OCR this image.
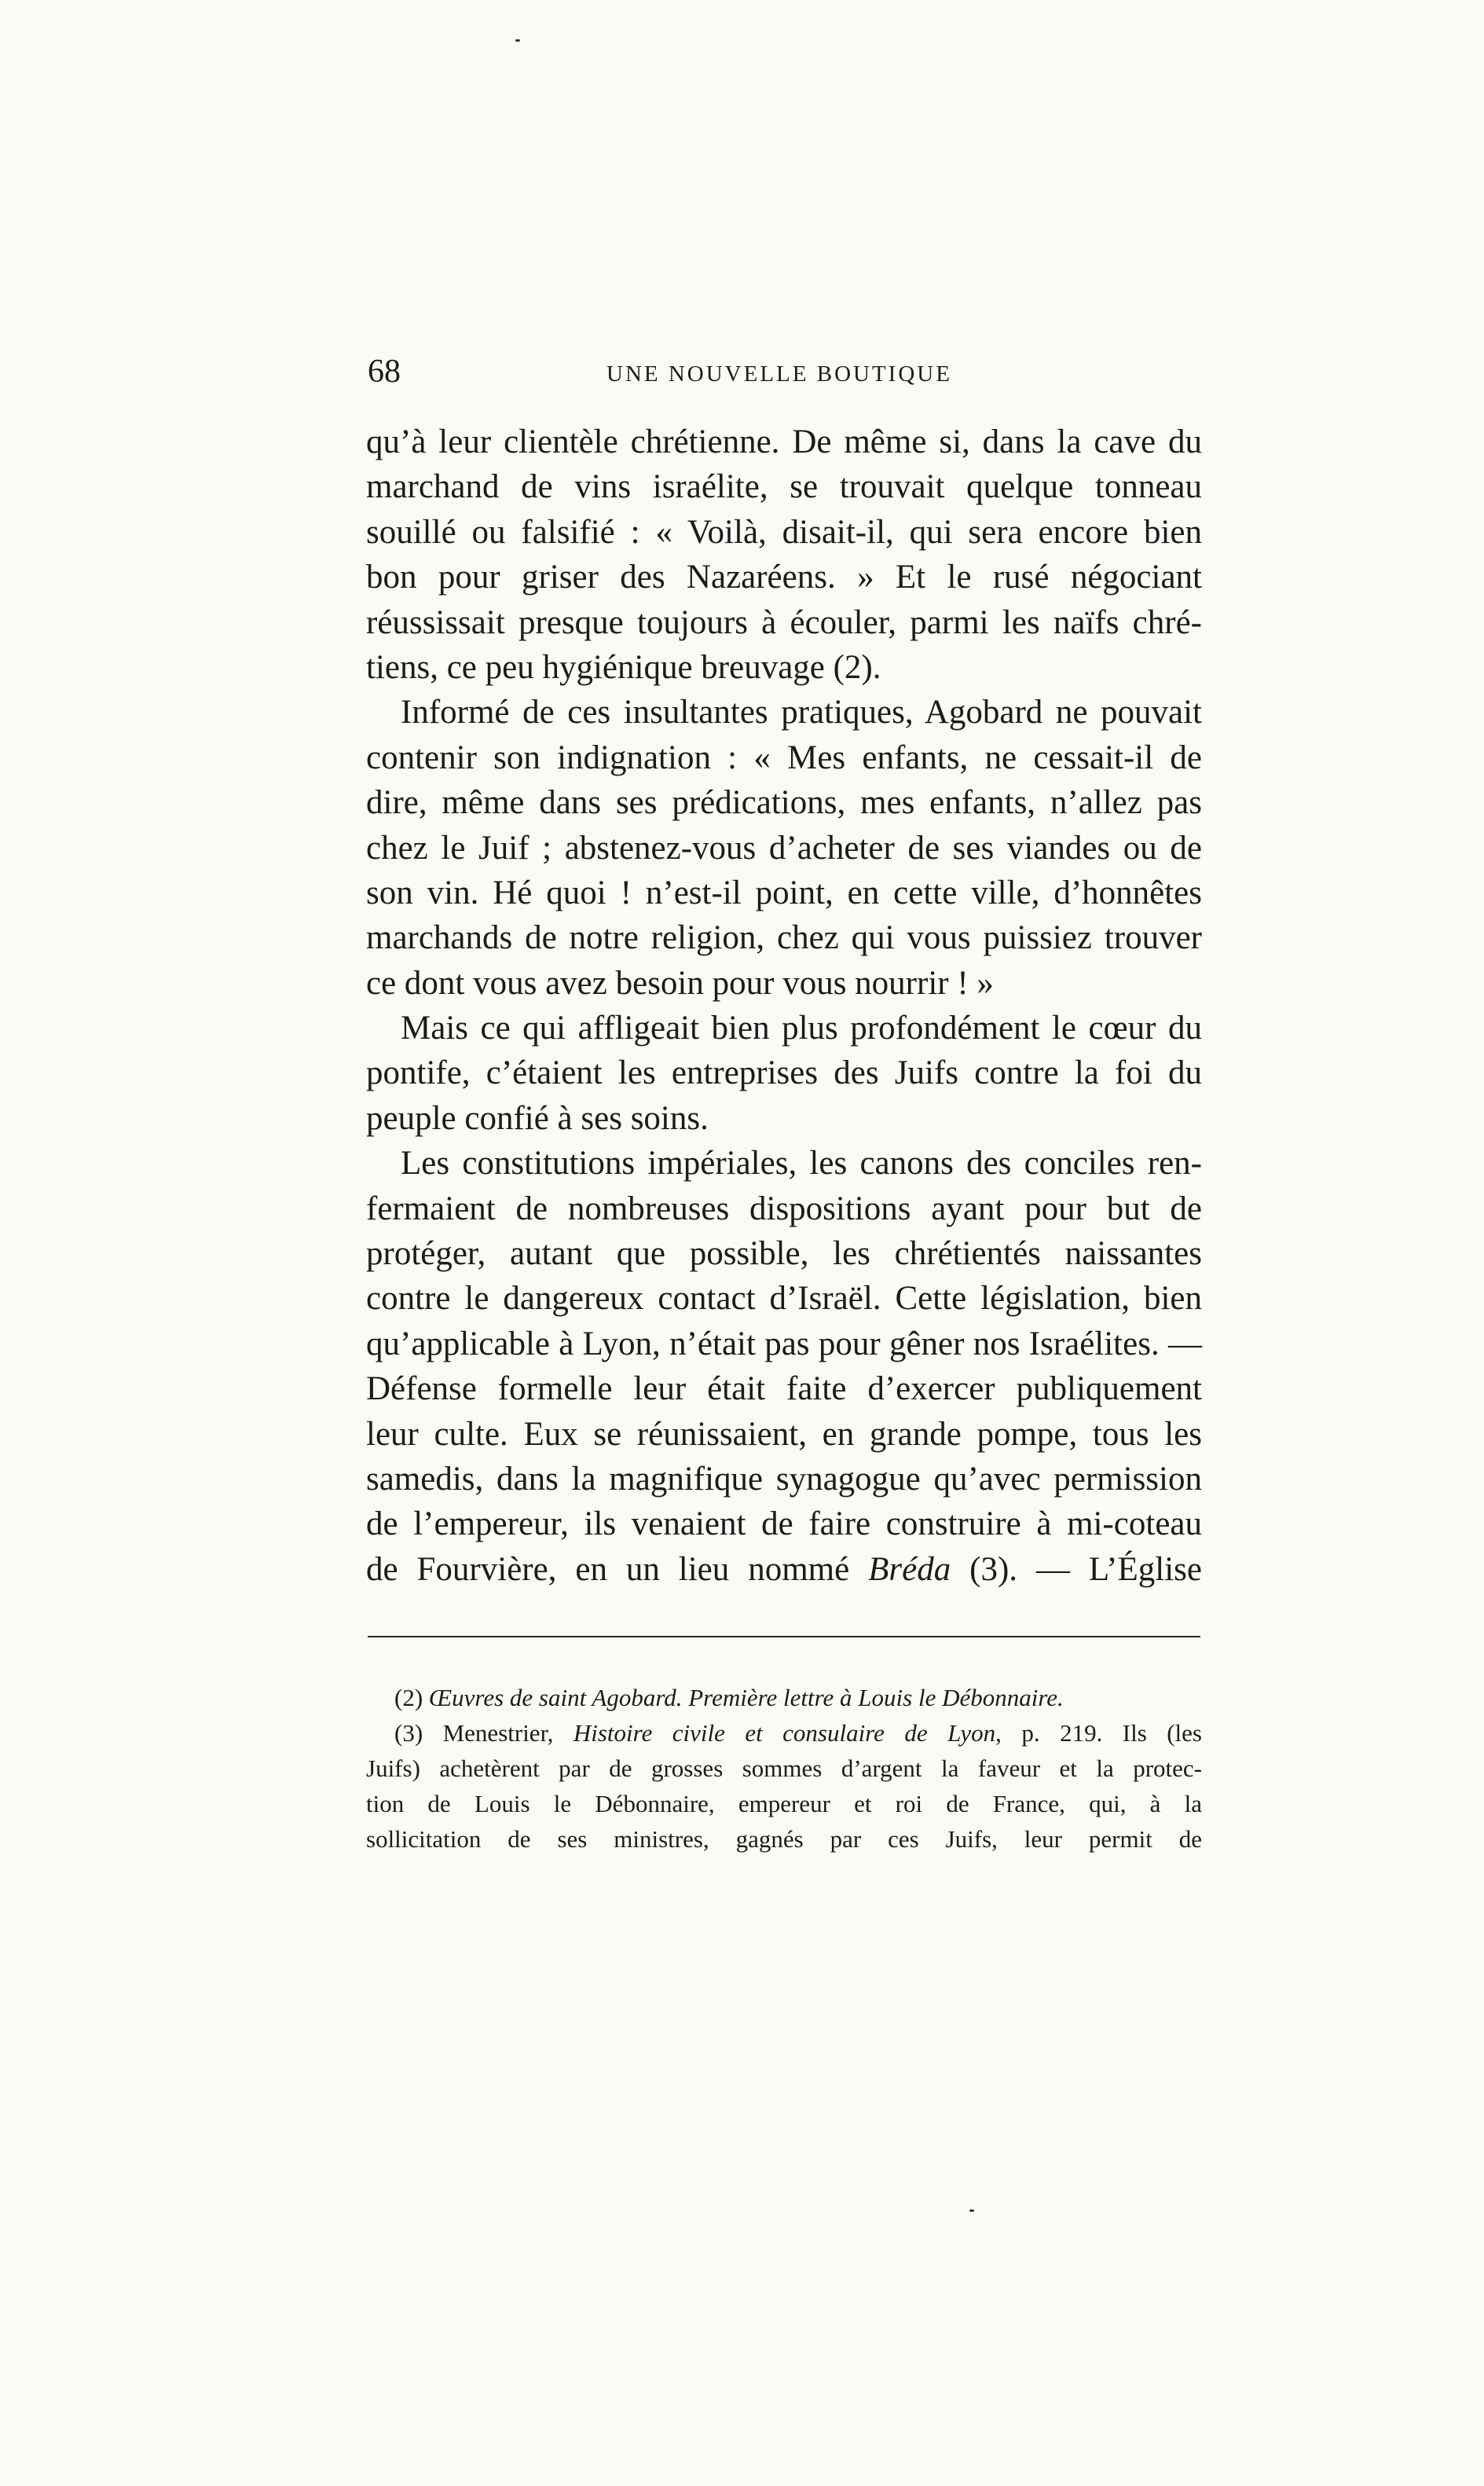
68	UNE NOUVELLE BOUTIQUE
qu’à leur clientèle chrétienne. De même si, dans la cave du
marchand de vins israélite, se trouvait quelque tonneau
souillé ou falsifié : « Voilà, disait-il, qui sera encore bien
bon pour griser des Nazaréens. » Et le rusé négociant
réussissait presque toujours à écouler, parmi les naïfs chré-
tiens, ce peu hygiénique breuvage (2).
Informé de ces insultantes pratiques, Agobard ne pouvait
contenir son indignation : « Mes enfants, ne cessait-il de
dire, même dans ses prédications, mes enfants, n’allez pas
chez le Juif ; abstenez-vous d’acheter de ses viandes ou de
son vin. Hé quoi ! n’est-il point, en cette ville, d’honnêtes
marchands de notre religion, chez qui vous puissiez trouver
ce dont vous avez besoin pour vous nourrir ! »
Mais ce qui affligeait bien plus profondément le cœur du
pontife, c’étaient les entreprises des Juifs contre la foi du
peuple confié à ses soins.
Les constitutions impériales, les canons des conciles ren-
fermaient de nombreuses dispositions ayant pour but de
protéger, autant que possible, les chrétientés naissantes
contre le dangereux contact d’Israël. Cette législation, bien
qu’applicable à Lyon, n’était pas pour gêner nos Israélites. —
Défense formelle leur était faite d’exercer publiquement
leur culte. Eux se réunissaient, en grande pompe, tous les
samedis, dans la magnifique synagogue qu’avec permission
de l’empereur, ils venaient de faire construire à mi-coteau
de Fourvière, en un lieu nommé Bréda (3). — L’Église
(2) Œuvres de saint Agobard. Première lettre à Louis le Débonnaire.
(3) Menestrier, Histoire civile et consulaire de Lyon, p. 219. Ils (les
Juifs) achetèrent par de grosses sommes d’argent la faveur et la protec-
tion de Louis le Débonnaire, empereur et roi de France, qui, à la
sollicitation de ses ministres, gagnés par ces Juifs, leur permit de
